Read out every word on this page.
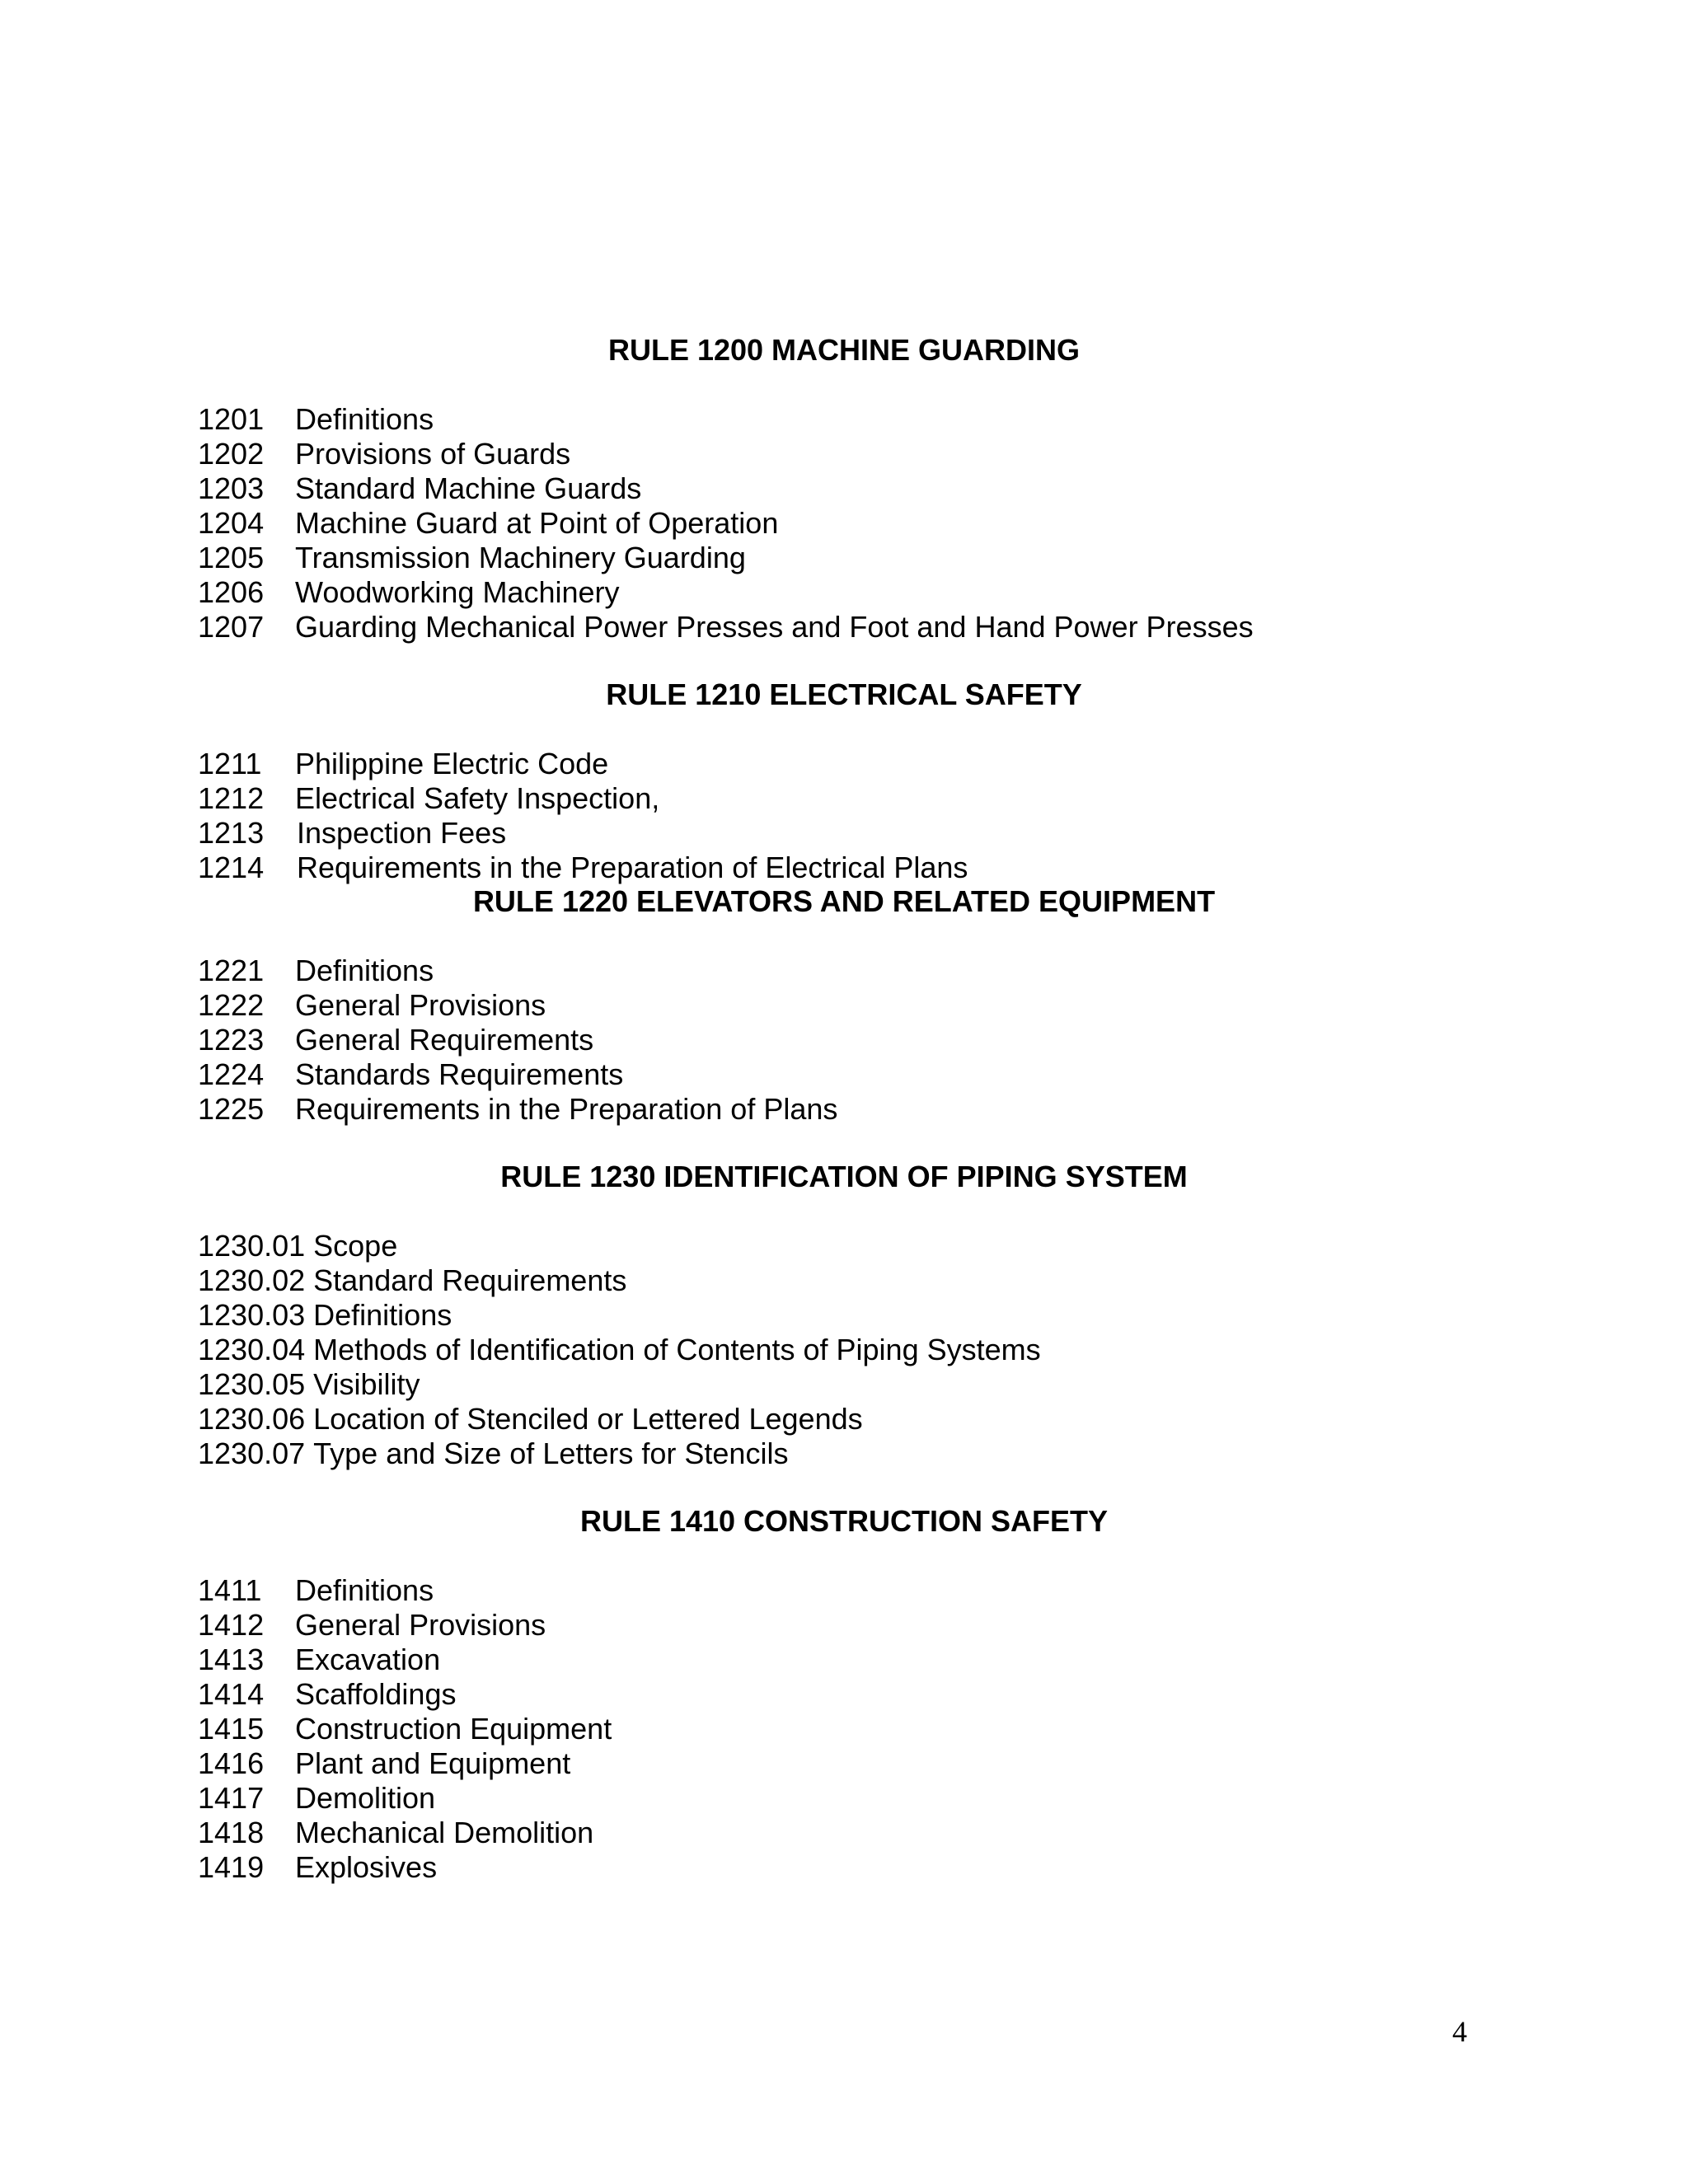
RULE 1200 MACHINE GUARDING
1201 Definitions
1202 Provisions of Guards
1203 Standard Machine Guards
1204 Machine Guard at Point of Operation
1205 Transmission Machinery Guarding
1206 Woodworking Machinery
1207 Guarding Mechanical Power Presses and Foot and Hand Power Presses
RULE 1210 ELECTRICAL SAFETY
1211 Philippine Electric Code
1212 Electrical Safety Inspection,
1213 Inspection Fees
1214 Requirements in the Preparation of Electrical Plans
RULE 1220 ELEVATORS AND RELATED EQUIPMENT
1221 Definitions
1222 General Provisions
1223 General Requirements
1224 Standards Requirements
1225 Requirements in the Preparation of Plans
RULE 1230 IDENTIFICATION OF PIPING SYSTEM
1230.01 Scope
1230.02 Standard Requirements
1230.03 Definitions
1230.04 Methods of Identification of Contents of Piping Systems
1230.05 Visibility
1230.06 Location of Stenciled or Lettered Legends
1230.07 Type and Size of Letters for Stencils
RULE 1410 CONSTRUCTION SAFETY
1411 Definitions
1412 General Provisions
1413 Excavation
1414 Scaffoldings
1415 Construction Equipment
1416 Plant and Equipment
1417 Demolition
1418 Mechanical Demolition
1419 Explosives
4
